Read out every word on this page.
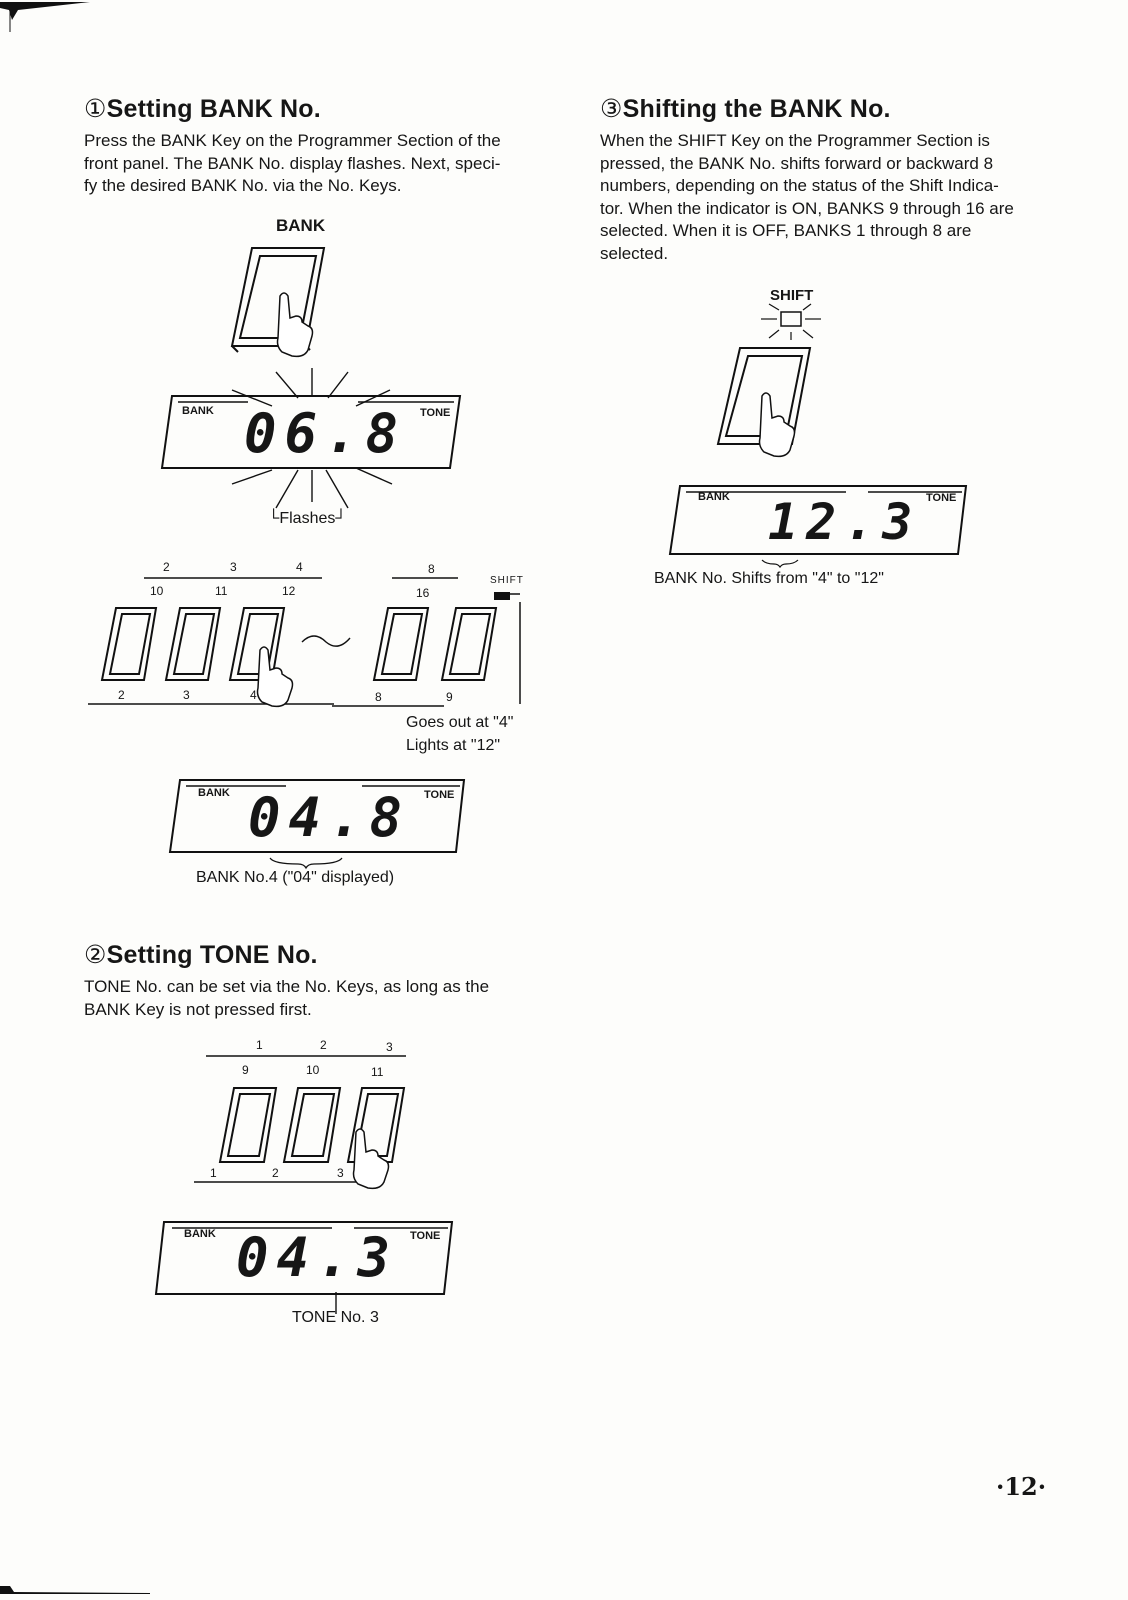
①Setting BANK No.

Press the BANK Key on the Programmer Section of the

front panel. The BANK No. display flashes. Next, speci-

fy the desired BANK No. via the No. Keys.

BANK
BANK	TONE
06.8
└Flashes┘
2	3	4	8
10	11	12	16
SHIFT
2	3	4	8	9
Goes out at "4"
Lights at "12"
BANK	TONE
04.8
BANK No.4 ("04" displayed)
②Setting TONE No.

TONE No. can be set via the No. Keys, as long as the

BANK Key is not pressed first.

1	2	3
9	10	11
1	2	3
BANK	TONE
04.3
TONE No. 3
③Shifting the BANK No.

When the SHIFT Key on the Programmer Section is

pressed, the BANK No. shifts forward or backward 8

numbers, depending on the status of the Shift Indica-

tor. When the indicator is ON, BANKS 9 through 16 are

selected. When it is OFF, BANKS 1 through 8 are

selected.

SHIFT
BANK	TONE
12.3
BANK No. Shifts from "4" to "12"
·12·
